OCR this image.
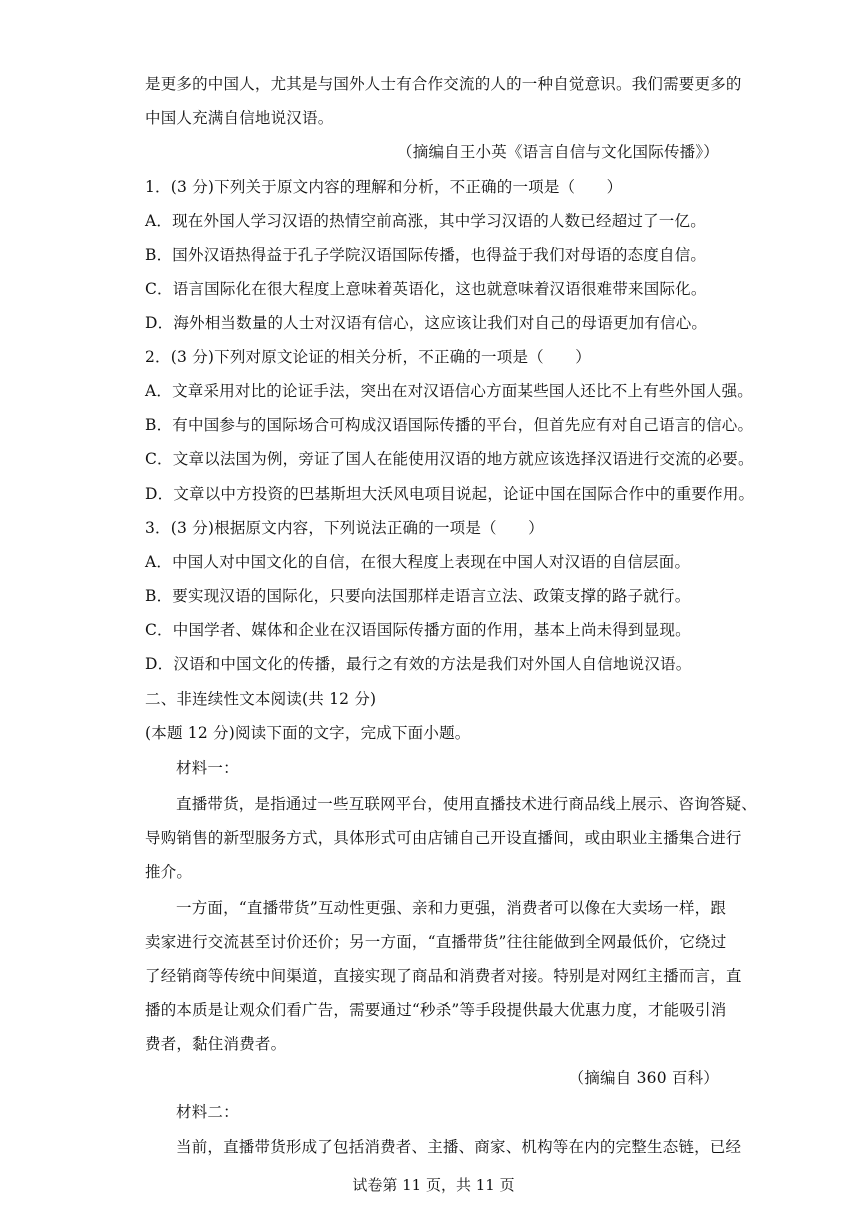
是更多的中国人，尤其是与国外人士有合作交流的人的一种自觉意识。我们需要更多的
中国人充满自信地说汉语。
（摘编自王小英《语言自信与文化国际传播》）
1．(3 分)下列关于原文内容的理解和分析，不正确的一项是（　　）
A．现在外国人学习汉语的热情空前高涨，其中学习汉语的人数已经超过了一亿。
B．国外汉语热得益于孔子学院汉语国际传播，也得益于我们对母语的态度自信。
C．语言国际化在很大程度上意味着英语化，这也就意味着汉语很难带来国际化。
D．海外相当数量的人士对汉语有信心，这应该让我们对自己的母语更加有信心。
2．(3 分)下列对原文论证的相关分析，不正确的一项是（　　）
A．文章采用对比的论证手法，突出在对汉语信心方面某些国人还比不上有些外国人强。
B．有中国参与的国际场合可构成汉语国际传播的平台，但首先应有对自己语言的信心。
C．文章以法国为例，旁证了国人在能使用汉语的地方就应该选择汉语进行交流的必要。
D．文章以中方投资的巴基斯坦大沃风电项目说起，论证中国在国际合作中的重要作用。
3．(3 分)根据原文内容，下列说法正确的一项是（　　）
A．中国人对中国文化的自信，在很大程度上表现在中国人对汉语的自信层面。
B．要实现汉语的国际化，只要向法国那样走语言立法、政策支撑的路子就行。
C．中国学者、媒体和企业在汉语国际传播方面的作用，基本上尚未得到显现。
D．汉语和中国文化的传播，最行之有效的方法是我们对外国人自信地说汉语。
二、非连续性文本阅读(共 12 分)
(本题 12 分)阅读下面的文字，完成下面小题。
材料一：
直播带货，是指通过一些互联网平台，使用直播技术进行商品线上展示、咨询答疑、
导购销售的新型服务方式，具体形式可由店铺自己开设直播间，或由职业主播集合进行
推介。
一方面，“直播带货”互动性更强、亲和力更强，消费者可以像在大卖场一样，跟
卖家进行交流甚至讨价还价；另一方面，“直播带货”往往能做到全网最低价，它绕过
了经销商等传统中间渠道，直接实现了商品和消费者对接。特别是对网红主播而言，直
播的本质是让观众们看广告，需要通过“秒杀”等手段提供最大优惠力度，才能吸引消
费者，黏住消费者。
（摘编自 360 百科）
材料二：
当前，直播带货形成了包括消费者、主播、商家、机构等在内的完整生态链，已经
试卷第 11 页，共 11 页
